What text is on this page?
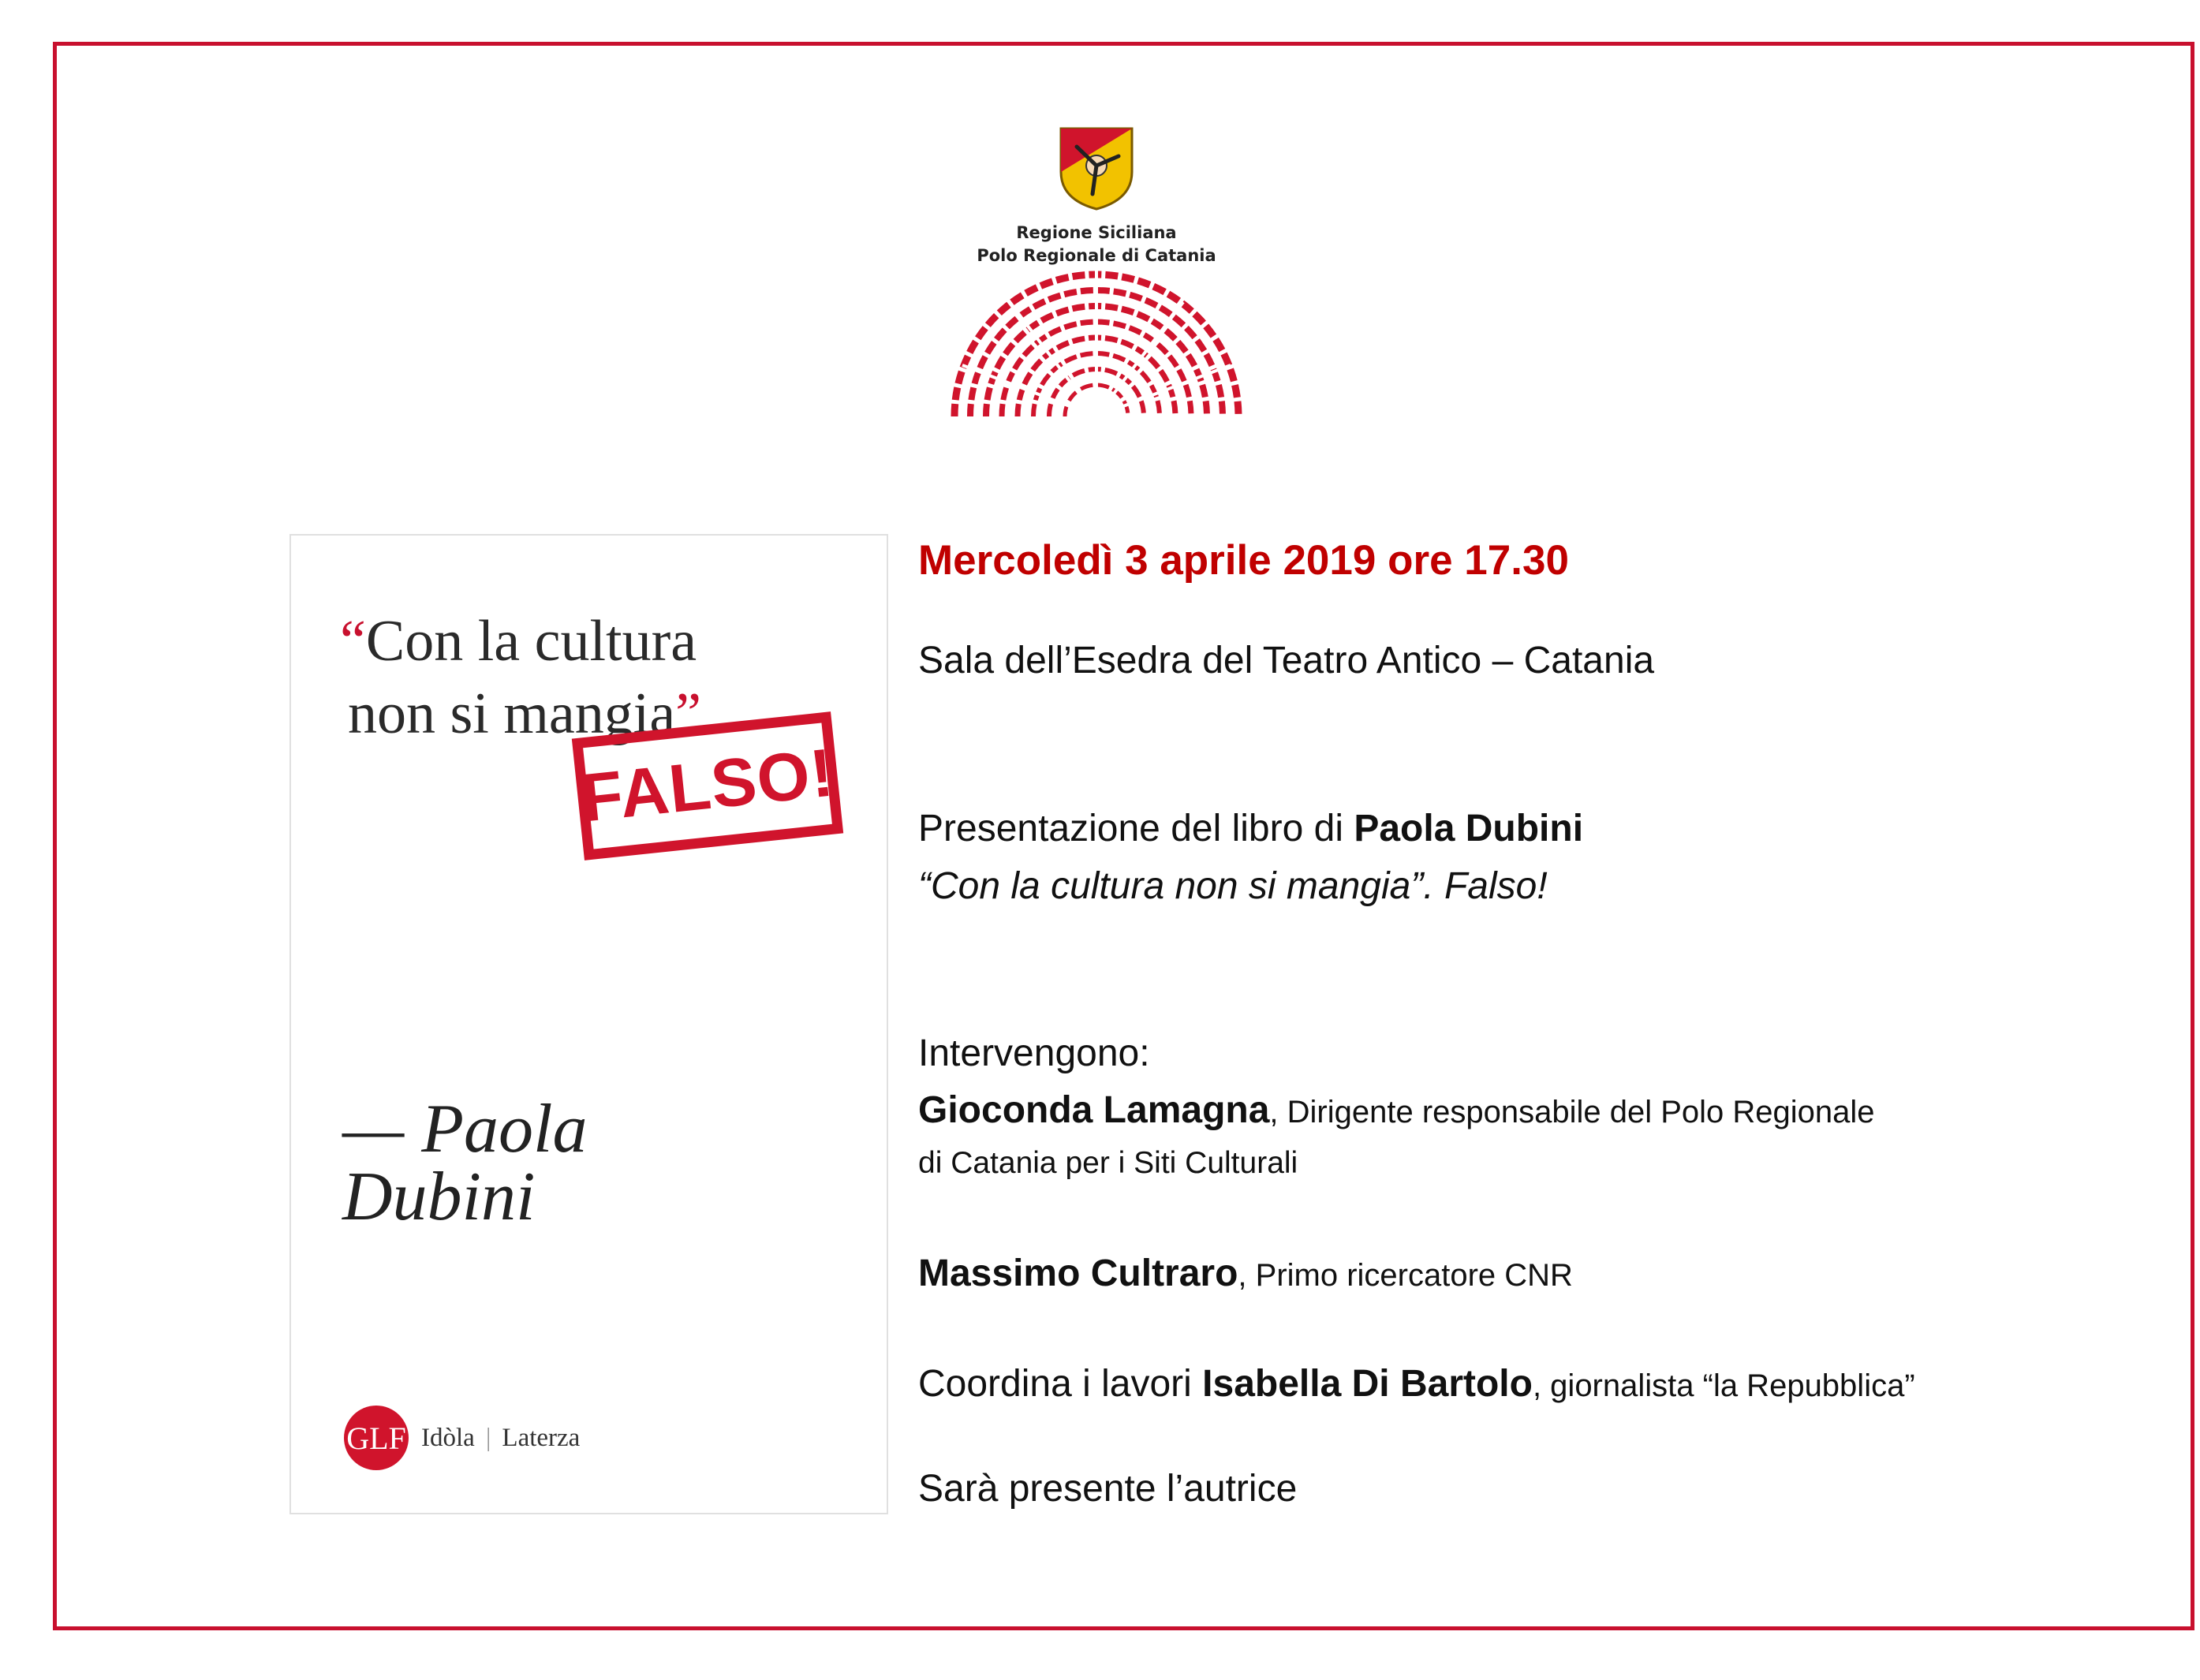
Regione Siciliana
Polo Regionale di Catania
“Con la cultura
non si mangia”
FALSO!
— Paola
Dubini
GLF Idòla | Laterza
Mercoledì 3 aprile 2019 ore 17.30
Sala dell’Esedra del Teatro Antico – Catania
Presentazione del libro di Paola Dubini
“Con la cultura non si mangia”. Falso!
Intervengono:
Gioconda Lamagna, Dirigente responsabile del Polo Regionale
di Catania per i Siti Culturali
Massimo Cultraro, Primo ricercatore CNR
Coordina i lavori Isabella Di Bartolo, giornalista “la Repubblica”
Sarà presente l’autrice
